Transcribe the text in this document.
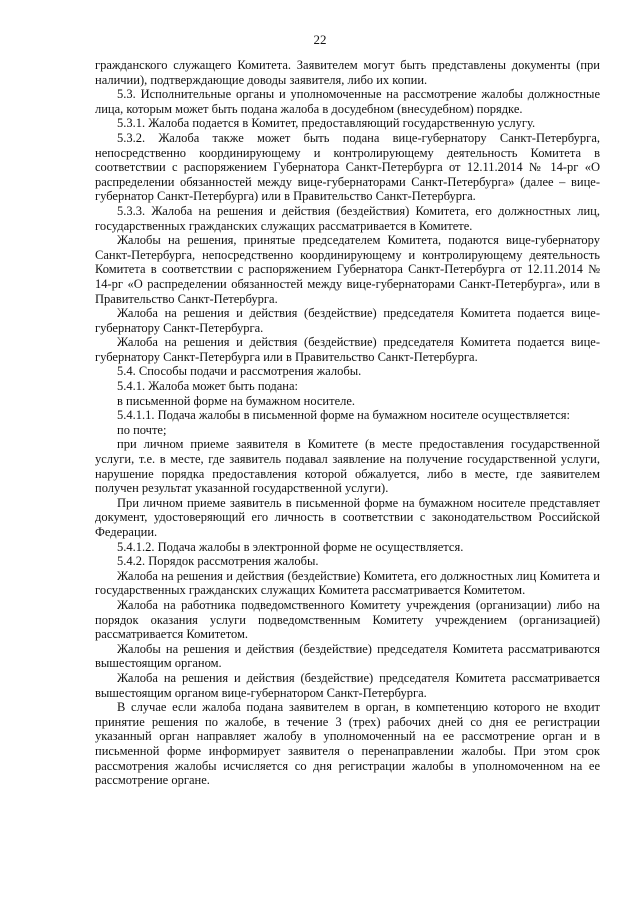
22

гражданского служащего Комитета. Заявителем могут быть представлены документы (при наличии), подтверждающие доводы заявителя, либо их копии.

5.3. Исполнительные органы и уполномоченные на рассмотрение жалобы должностные лица, которым может быть подана жалоба в досудебном (внесудебном) порядке.

5.3.1. Жалоба подается в Комитет, предоставляющий государственную услугу.

5.3.2. Жалоба также может быть подана вице-губернатору Санкт-Петербурга, непосредственно координирующему и контролирующему деятельность Комитета в соответствии с распоряжением Губернатора Санкт-Петербурга от 12.11.2014 № 14-рг «О распределении обязанностей между вице-губернаторами Санкт-Петербурга» (далее – вице- губернатор Санкт-Петербурга) или в Правительство Санкт-Петербурга.

5.3.3. Жалоба на решения и действия (бездействия) Комитета, его должностных лиц, государственных гражданских служащих рассматривается в Комитете.

Жалобы на решения, принятые председателем Комитета, подаются вице-губернатору Санкт-Петербурга, непосредственно координирующему и контролирующему деятельность Комитета в соответствии с распоряжением Губернатора Санкт-Петербурга от 12.11.2014 № 14-рг «О распределении обязанностей между вице-губернаторами Санкт-Петербурга», или в Правительство Санкт-Петербурга.

Жалоба на решения и действия (бездействие) председателя Комитета подается вице-губернатору Санкт-Петербурга.

Жалоба на решения и действия (бездействие) председателя Комитета подается вице-губернатору Санкт-Петербурга или в Правительство Санкт-Петербурга.

5.4. Способы подачи и рассмотрения жалобы.

5.4.1. Жалоба может быть подана:

в письменной форме на бумажном носителе.

5.4.1.1. Подача жалобы в письменной форме на бумажном носителе осуществляется:

по почте;

при личном приеме заявителя в Комитете (в месте предоставления государственной услуги, т.е. в месте, где заявитель подавал заявление на получение государственной услуги, нарушение порядка предоставления которой обжалуется, либо в месте, где заявителем получен результат указанной государственной услуги).

При личном приеме заявитель в письменной форме на бумажном носителе представляет документ, удостоверяющий его личность в соответствии с законодательством Российской Федерации.

5.4.1.2. Подача жалобы в электронной форме не осуществляется.

5.4.2. Порядок рассмотрения жалобы.

Жалоба на решения и действия (бездействие) Комитета, его должностных лиц Комитета и государственных гражданских служащих Комитета рассматривается Комитетом.

Жалоба на работника подведомственного Комитету учреждения (организации) либо на порядок оказания услуги подведомственным Комитету учреждением (организацией) рассматривается Комитетом.

Жалобы на решения и действия (бездействие) председателя Комитета рассматриваются вышестоящим органом.

Жалоба на решения и действия (бездействие) председателя Комитета рассматривается вышестоящим органом вице-губернатором Санкт-Петербурга.

В случае если жалоба подана заявителем в орган, в компетенцию которого не входит принятие решения по жалобе, в течение 3 (трех) рабочих дней со дня ее регистрации указанный орган направляет жалобу в уполномоченный на ее рассмотрение орган и в письменной форме информирует заявителя о перенаправлении жалобы. При этом срок рассмотрения жалобы исчисляется со дня регистрации жалобы в уполномоченном на ее рассмотрение органе.
